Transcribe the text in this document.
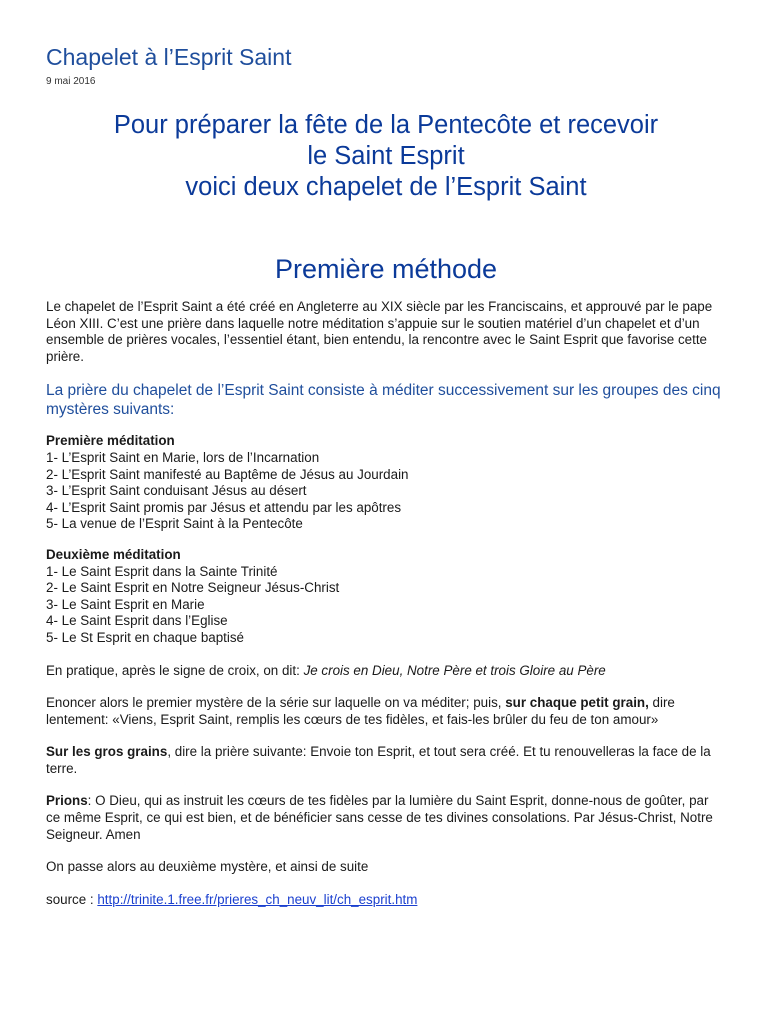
Chapelet à l’Esprit Saint
9 mai 2016
Pour préparer la fête de la Pentecôte et recevoir
le Saint Esprit
voici deux chapelet de l’Esprit Saint
Première méthode

Le chapelet de l’Esprit Saint a été créé en Angleterre au XIX siècle par les Franciscains, et approuvé par le pape Léon XIII. C’est une prière dans laquelle notre méditation s’appuie sur le soutien matériel d’un chapelet et d’un ensemble de prières vocales, l’essentiel étant, bien entendu, la rencontre avec le Saint Esprit que favorise cette prière.

La prière du chapelet de l’Esprit Saint consiste à méditer successivement sur les groupes des cinq mystères suivants:

Première méditation
1- L’Esprit Saint en Marie, lors de l’Incarnation
2- L’Esprit Saint manifesté au Baptême de Jésus au Jourdain
3- L’Esprit Saint conduisant Jésus au désert
4- L’Esprit Saint promis par Jésus et attendu par les apôtres
5- La venue de l’Esprit Saint à la Pentecôte
Deuxième méditation
1- Le Saint Esprit dans la Sainte Trinité
2- Le Saint Esprit en Notre Seigneur Jésus-Christ
3- Le Saint Esprit en Marie
4- Le Saint Esprit dans l’Eglise
5- Le St Esprit en chaque baptisé

En pratique, après le signe de croix, on dit: Je crois en Dieu, Notre Père et trois Gloire au Père

Enoncer alors le premier mystère de la série sur laquelle on va méditer; puis, sur chaque petit grain, dire lentement: «Viens, Esprit Saint, remplis les cœurs de tes fidèles, et fais-les brûler du feu de ton amour»

Sur les gros grains, dire la prière suivante: Envoie ton Esprit, et tout sera créé. Et tu renouvelleras la face de la terre.

Prions: O Dieu, qui as instruit les cœurs de tes fidèles par la lumière du Saint Esprit, donne-nous de goûter, par ce même Esprit, ce qui est bien, et de bénéficier sans cesse de tes divines consolations. Par Jésus-Christ, Notre Seigneur. Amen

On passe alors au deuxième mystère, et ainsi de suite

source : http://trinite.1.free.fr/prieres_ch_neuv_lit/ch_esprit.htm
